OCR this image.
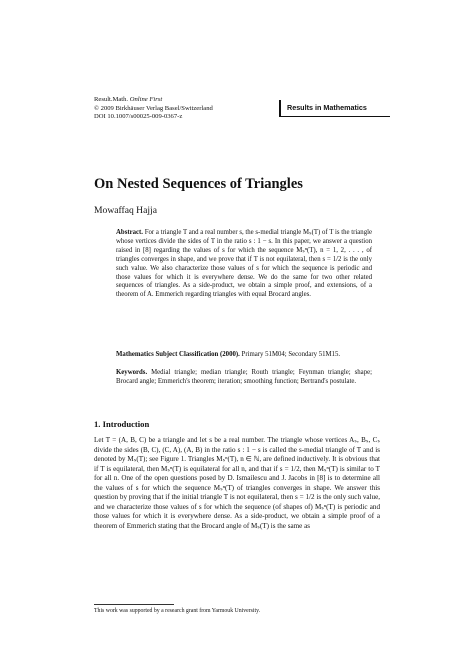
Result.Math. Online First
© 2009 Birkhäuser Verlag Basel/Switzerland
DOI 10.1007/s00025-009-0367-z
Results in Mathematics
On Nested Sequences of Triangles
Mowaffaq Hajja
Abstract. For a triangle T and a real number s, the s-medial triangle Mₛ(T) of T is the triangle whose vertices divide the sides of T in the ratio s : 1 − s. In this paper, we answer a question raised in [8] regarding the values of s for which the sequence Mₛⁿ(T), n = 1, 2, . . . , of triangles converges in shape, and we prove that if T is not equilateral, then s = 1/2 is the only such value. We also characterize those values of s for which the sequence is periodic and those values for which it is everywhere dense. We do the same for two other related sequences of triangles. As a side-product, we obtain a simple proof, and extensions, of a theorem of A. Emmerich regarding triangles with equal Brocard angles.
Mathematics Subject Classification (2000). Primary 51M04; Secondary 51M15.
Keywords. Medial triangle; median triangle; Routh triangle; Feynman triangle; shape; Brocard angle; Emmerich's theorem; iteration; smoothing function; Bertrand's postulate.
1. Introduction
Let T = (A, B, C) be a triangle and let s be a real number. The triangle whose vertices Aₛ, Bₛ, Cₛ divide the sides (B, C), (C, A), (A, B) in the ratio s : 1 − s is called the s-medial triangle of T and is denoted by Mₛ(T); see Figure 1. Triangles Mₛⁿ(T), n ∈ ℕ, are defined inductively. It is obvious that if T is equilateral, then Mₛⁿ(T) is equilateral for all n, and that if s = 1/2, then Mₛⁿ(T) is similar to T for all n. One of the open questions posed by D. Ismailescu and J. Jacobs in [8] is to determine all the values of s for which the sequence Mₛⁿ(T) of triangles converges in shape. We answer this question by proving that if the initial triangle T is not equilateral, then s = 1/2 is the only such value, and we characterize those values of s for which the sequence (of shapes of) Mₛⁿ(T) is periodic and those values for which it is everywhere dense. As a side-product, we obtain a simple proof of a theorem of Emmerich stating that the Brocard angle of Mₛ(T) is the same as
This work was supported by a research grant from Yarmouk University.
